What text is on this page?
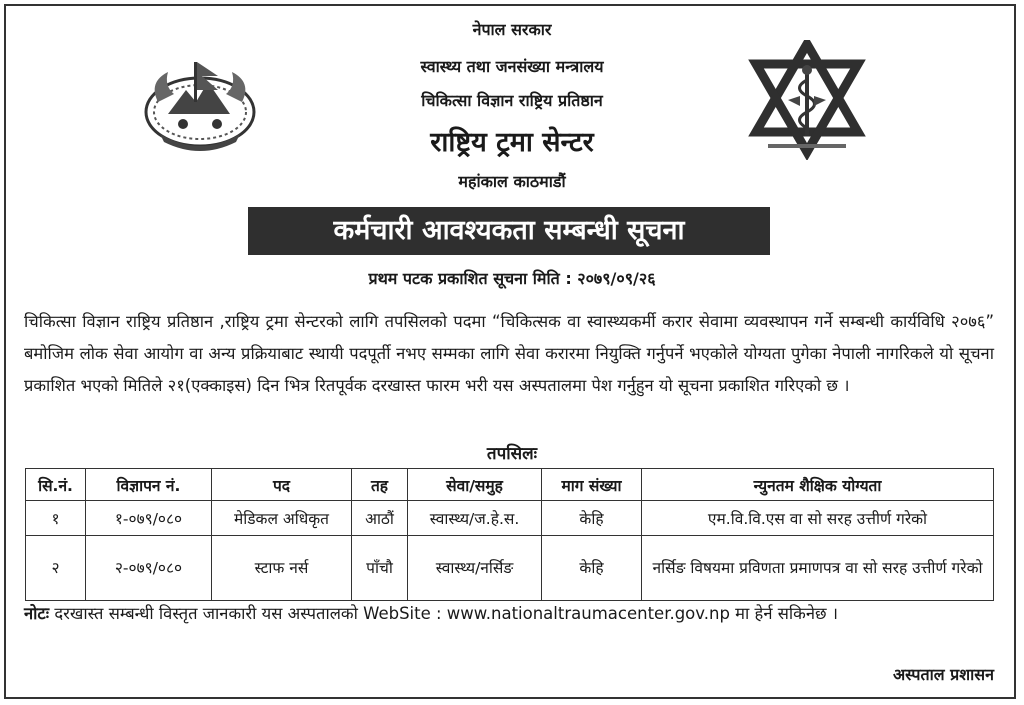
नेपाल सरकार
स्वास्थ्य तथा जनसंख्या मन्त्रालय
चिकित्सा विज्ञान राष्ट्रिय प्रतिष्ठान
राष्ट्रिय ट्रमा सेन्टर
महांकाल काठमाडौं
कर्मचारी आवश्यकता सम्बन्धी सूचना
प्रथम पटक प्रकाशित सूचना मिति : २०७९/०९/२६
चिकित्सा विज्ञान राष्ट्रिय प्रतिष्ठान ,राष्ट्रिय ट्रमा सेन्टरको लागि तपसिलको पदमा “चिकित्सक वा स्वास्थ्यकर्मी करार सेवामा व्यवस्थापन गर्ने सम्बन्धी कार्यविधि २०७६” बमोजिम लोक सेवा आयोग वा अन्य प्रक्रियाबाट स्थायी पदपूर्ती नभए सम्मका लागि सेवा करारमा नियुक्ति गर्नुपर्ने भएकोले योग्यता पुगेका नेपाली नागरिकले यो सूचना प्रकाशित भएको मितिले २१(एक्काइस) दिन भित्र रितपूर्वक दरखास्त फारम भरी यस अस्पतालमा पेश गर्नुहुन यो सूचना प्रकाशित गरिएको छ ।
तपसिलः
सि.नं.	विज्ञापन नं.	पद	तह	सेवा/समुह	माग संख्या	न्युनतम शैक्षिक योग्यता
१	१-०७९/०८०	मेडिकल अधिकृत	आठौं	स्वास्थ्य/ज.हे.स.	केहि	एम.वि.वि.एस वा सो सरह उत्तीर्ण गरेको
२	२-०७९/०८०	स्टाफ नर्स	पाँचौ	स्वास्थ्य/नर्सिङ	केहि	नर्सिङ विषयमा प्रविणता प्रमाणपत्र वा सो सरह उत्तीर्ण गरेको
नोटः दरखास्त सम्बन्धी विस्तृत जानकारी यस अस्पतालको WebSite : www.nationaltraumacenter.gov.np मा हेर्न सकिनेछ ।
अस्पताल प्रशासन
